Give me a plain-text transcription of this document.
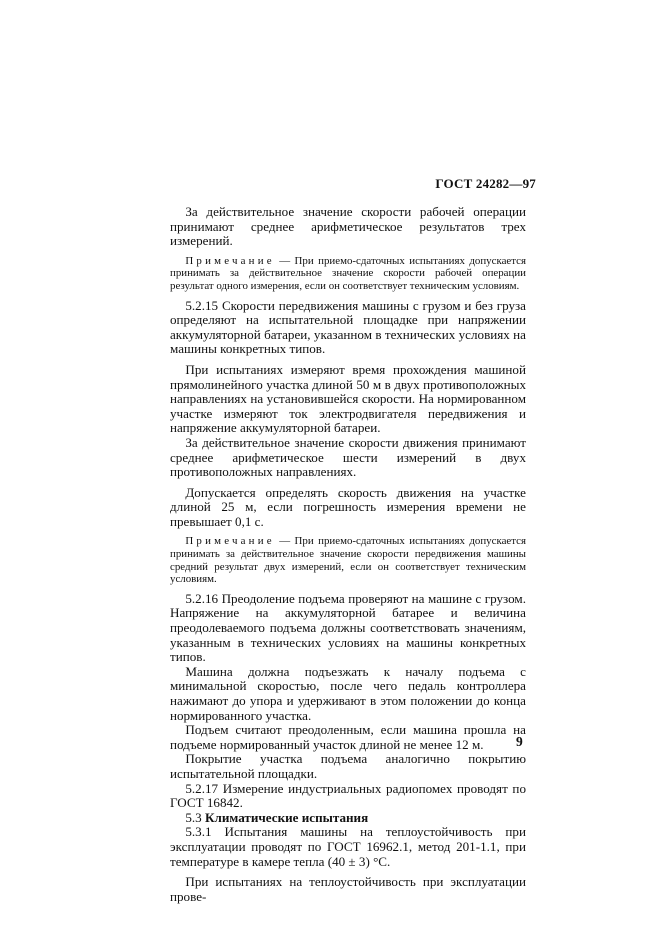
ГОСТ 24282—97

За действительное значение скорости рабочей операции принимают среднее арифметическое результатов трех измерений.

Примечание — При приемо-сдаточных испытаниях допускается принимать за действительное значение скорости рабочей операции результат одного измерения, если он соответствует техническим условиям.

5.2.15 Скорости передвижения машины с грузом и без груза определяют на испытательной площадке при напряжении аккумуляторной батареи, указанном в технических условиях на машины конкретных типов.

При испытаниях измеряют время прохождения машиной прямолинейного участка длиной 50 м в двух противоположных направлениях на установившейся скорости. На нормированном участке измеряют ток электродвигателя передвижения и напряжение аккумуляторной батареи.

За действительное значение скорости движения принимают среднее арифметическое шести измерений в двух противоположных направлениях.

Допускается определять скорость движения на участке длиной 25 м, если погрешность измерения времени не превышает 0,1 с.

Примечание — При приемо-сдаточных испытаниях допускается принимать за действительное значение скорости передвижения машины средний результат двух измерений, если он соответствует техническим условиям.

5.2.16 Преодоление подъема проверяют на машине с грузом. Напряжение на аккумуляторной батарее и величина преодолеваемого подъема должны соответствовать значениям, указанным в технических условиях на машины конкретных типов.

Машина должна подъезжать к началу подъема с минимальной скоростью, после чего педаль контроллера нажимают до упора и удерживают в этом положении до конца нормированного участка.

Подъем считают преодоленным, если машина прошла на подъеме нормированный участок длиной не менее 12 м.

Покрытие участка подъема аналогично покрытию испытательной площадки.

5.2.17 Измерение индустриальных радиопомех проводят по ГОСТ 16842.

5.3 Климатические испытания

5.3.1 Испытания машины на теплоустойчивость при эксплуатации проводят по ГОСТ 16962.1, метод 201-1.1, при температуре в камере тепла (40 ± 3) °С.

При испытаниях на теплоустойчивость при эксплуатации прове-

9
